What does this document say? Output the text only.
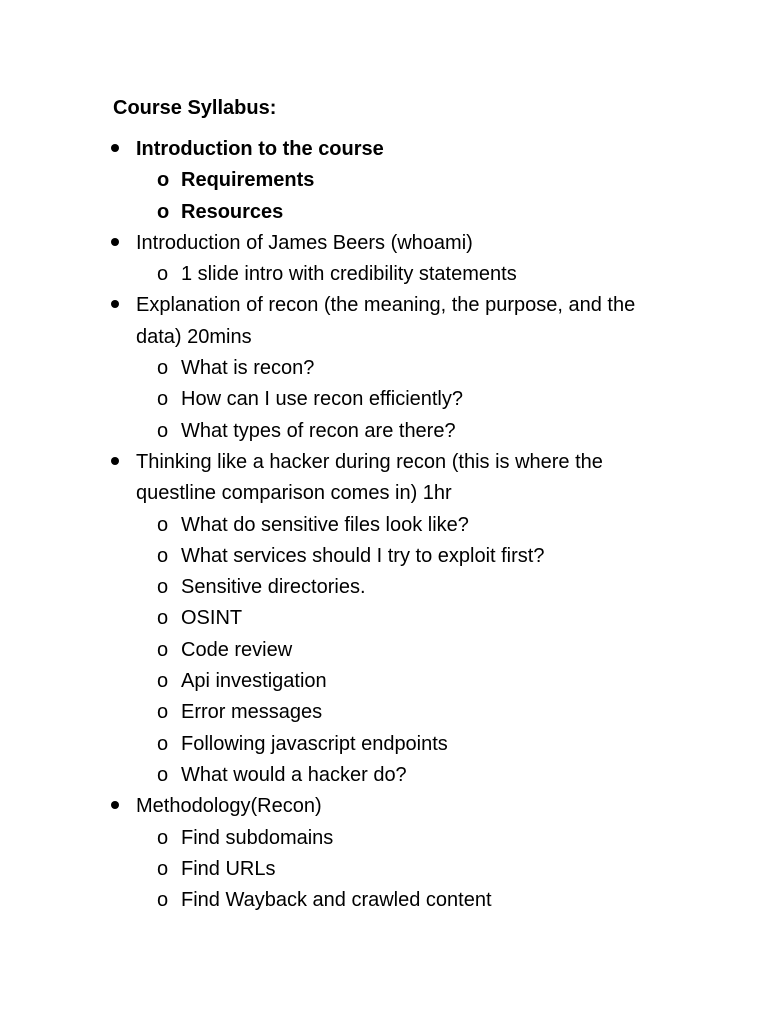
Course Syllabus:
Introduction to the course
o Requirements
o Resources
Introduction of James Beers (whoami)
o 1 slide intro with credibility statements
Explanation of recon (the meaning, the purpose, and the data) 20mins
o What is recon?
o How can I use recon efficiently?
o What types of recon are there?
Thinking like a hacker during recon (this is where the questline comparison comes in) 1hr
o What do sensitive files look like?
o What services should I try to exploit first?
o Sensitive directories.
o OSINT
o Code review
o Api investigation
o Error messages
o Following javascript endpoints
o What would a hacker do?
Methodology(Recon)
o Find subdomains
o Find URLs
o Find Wayback and crawled content
